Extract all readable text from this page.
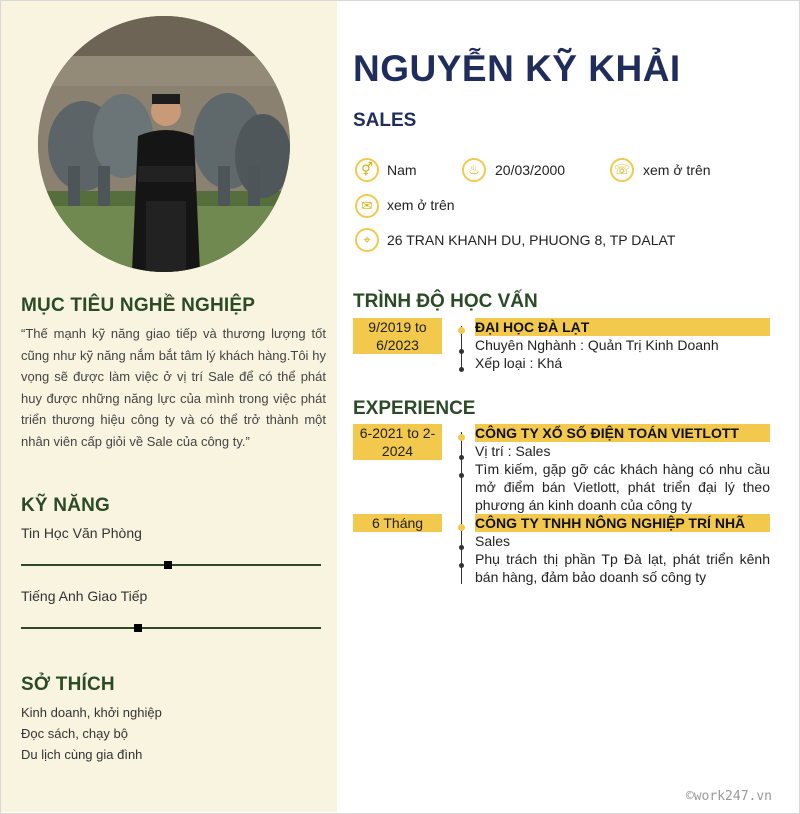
MỤC TIÊU NGHỀ NGHIỆP
“Thế mạnh kỹ năng giao tiếp và thương lượng tốt cũng như kỹ năng nắm bắt tâm lý khách hàng.Tôi hy vọng sẽ được làm việc ở vị trí Sale để có thể phát huy được những năng lực của mình trong việc phát triển thương hiệu công ty và có thể trở thành một nhân viên cấp giỏi về Sale của công ty.”
KỸ NĂNG
Tin Học Văn Phòng
Tiếng Anh Giao Tiếp
SỞ THÍCH
Kinh doanh, khởi nghiệp
Đọc sách, chạy bộ
Du lịch cùng gia đình
NGUYỄN KỸ KHẢI
SALES
⚥	Nam	♨	20/03/2000	☏ xem ở trên
✉	xem ở trên
⌖	26 TRAN KHANH DU, PHUONG 8, TP DALAT
TRÌNH ĐỘ HỌC VẤN
9/2019 to 6/2023
ĐẠI HỌC ĐÀ LẠT
Chuyên Nghành : Quản Trị Kinh Doanh
Xếp loại : Khá
EXPERIENCE
6-2021 to 2-2024
CÔNG TY XỔ SỐ ĐIỆN TOÁN VIETLOTT
Vị trí : Sales
Tìm kiếm, gặp gỡ các khách hàng có nhu cầu mở điểm bán Vietlott, phát triển đại lý theo phương án kinh doanh của công ty
6 Tháng	CÔNG TY TNHH NÔNG NGHIỆP TRÍ NHÃ
Sales
Phụ trách thị phần Tp Đà lạt, phát triển kênh bán hàng, đảm bảo doanh số công ty
©work247.vn
